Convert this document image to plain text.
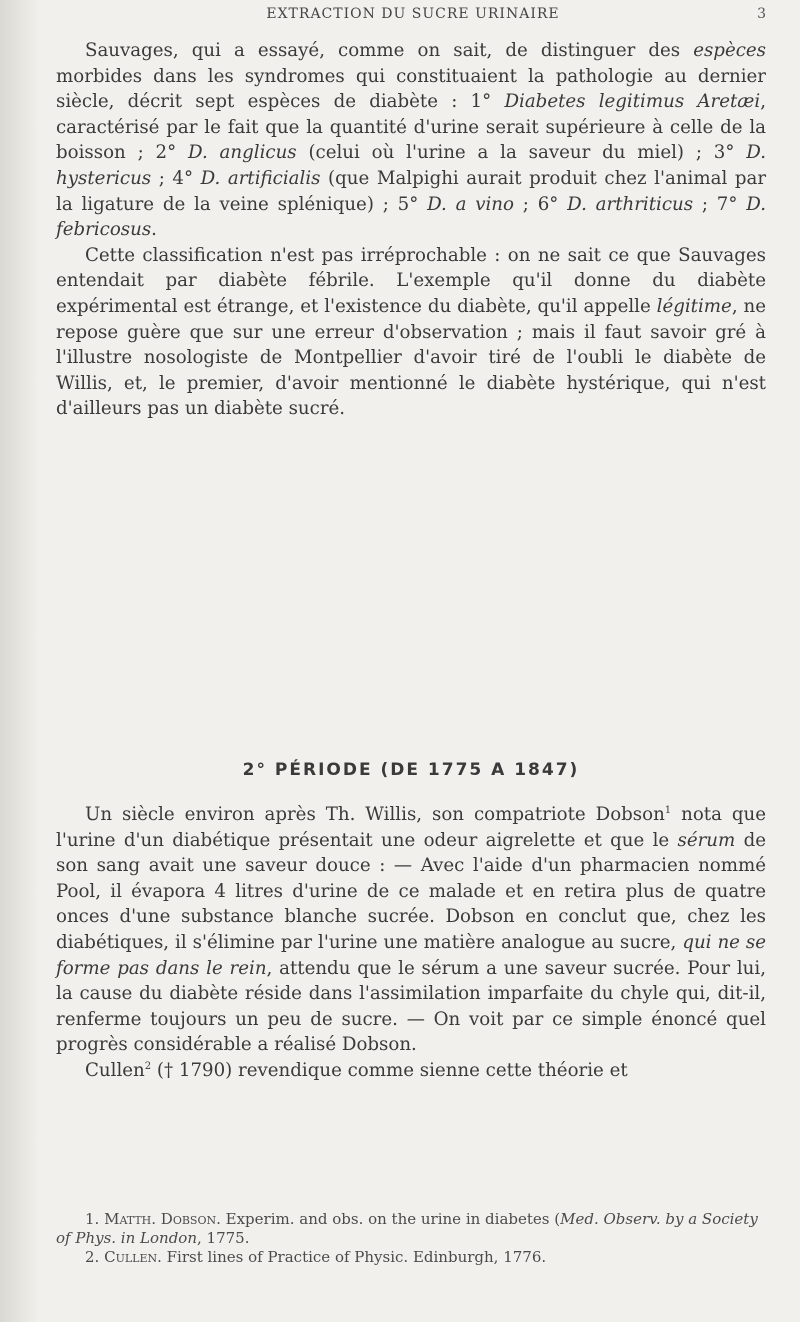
EXTRACTION DU SUCRE URINAIRE	3

Sauvages, qui a essayé, comme on sait, de distinguer des espèces morbides dans les syndromes qui constituaient la pathologie au dernier siècle, décrit sept espèces de diabète : 1° Diabetes legitimus Aretæi, caractérisé par le fait que la quantité d'urine serait supérieure à celle de la boisson ; 2° D. anglicus (celui où l'urine a la saveur du miel) ; 3° D. hystericus ; 4° D. artificialis (que Malpighi aurait produit chez l'animal par la ligature de la veine splénique) ; 5° D. a vino ; 6° D. arthriticus ; 7° D. febricosus.

Cette classification n'est pas irréprochable : on ne sait ce que Sauvages entendait par diabète fébrile. L'exemple qu'il donne du diabète expérimental est étrange, et l'existence du diabète, qu'il appelle légitime, ne repose guère que sur une erreur d'observation ; mais il faut savoir gré à l'illustre nosologiste de Montpellier d'avoir tiré de l'oubli le diabète de Willis, et, le premier, d'avoir mentionné le diabète hystérique, qui n'est d'ailleurs pas un diabète sucré.

2° PÉRIODE (DE 1775 A 1847)

Un siècle environ après Th. Willis, son compatriote Dobson$^1$ nota que l'urine d'un diabétique présentait une odeur aigrelette et que le sérum de son sang avait une saveur douce : — Avec l'aide d'un pharmacien nommé Pool, il évapora 4 litres d'urine de ce malade et en retira plus de quatre onces d'une substance blanche sucrée. Dobson en conclut que, chez les diabétiques, il s'élimine par l'urine une matière analogue au sucre, qui ne se forme pas dans le rein, attendu que le sérum a une saveur sucrée. Pour lui, la cause du diabète réside dans l'assimilation imparfaite du chyle qui, dit-il, renferme toujours un peu de sucre. — On voit par ce simple énoncé quel progrès considérable a réalisé Dobson.

Cullen$^2$ († 1790) revendique comme sienne cette théorie et

1. Matth. Dobson. Experim. and obs. on the urine in diabetes (Med. Observ. by a Society of Phys. in London, 1775.

2. Cullen. First lines of Practice of Physic. Edinburgh, 1776.
